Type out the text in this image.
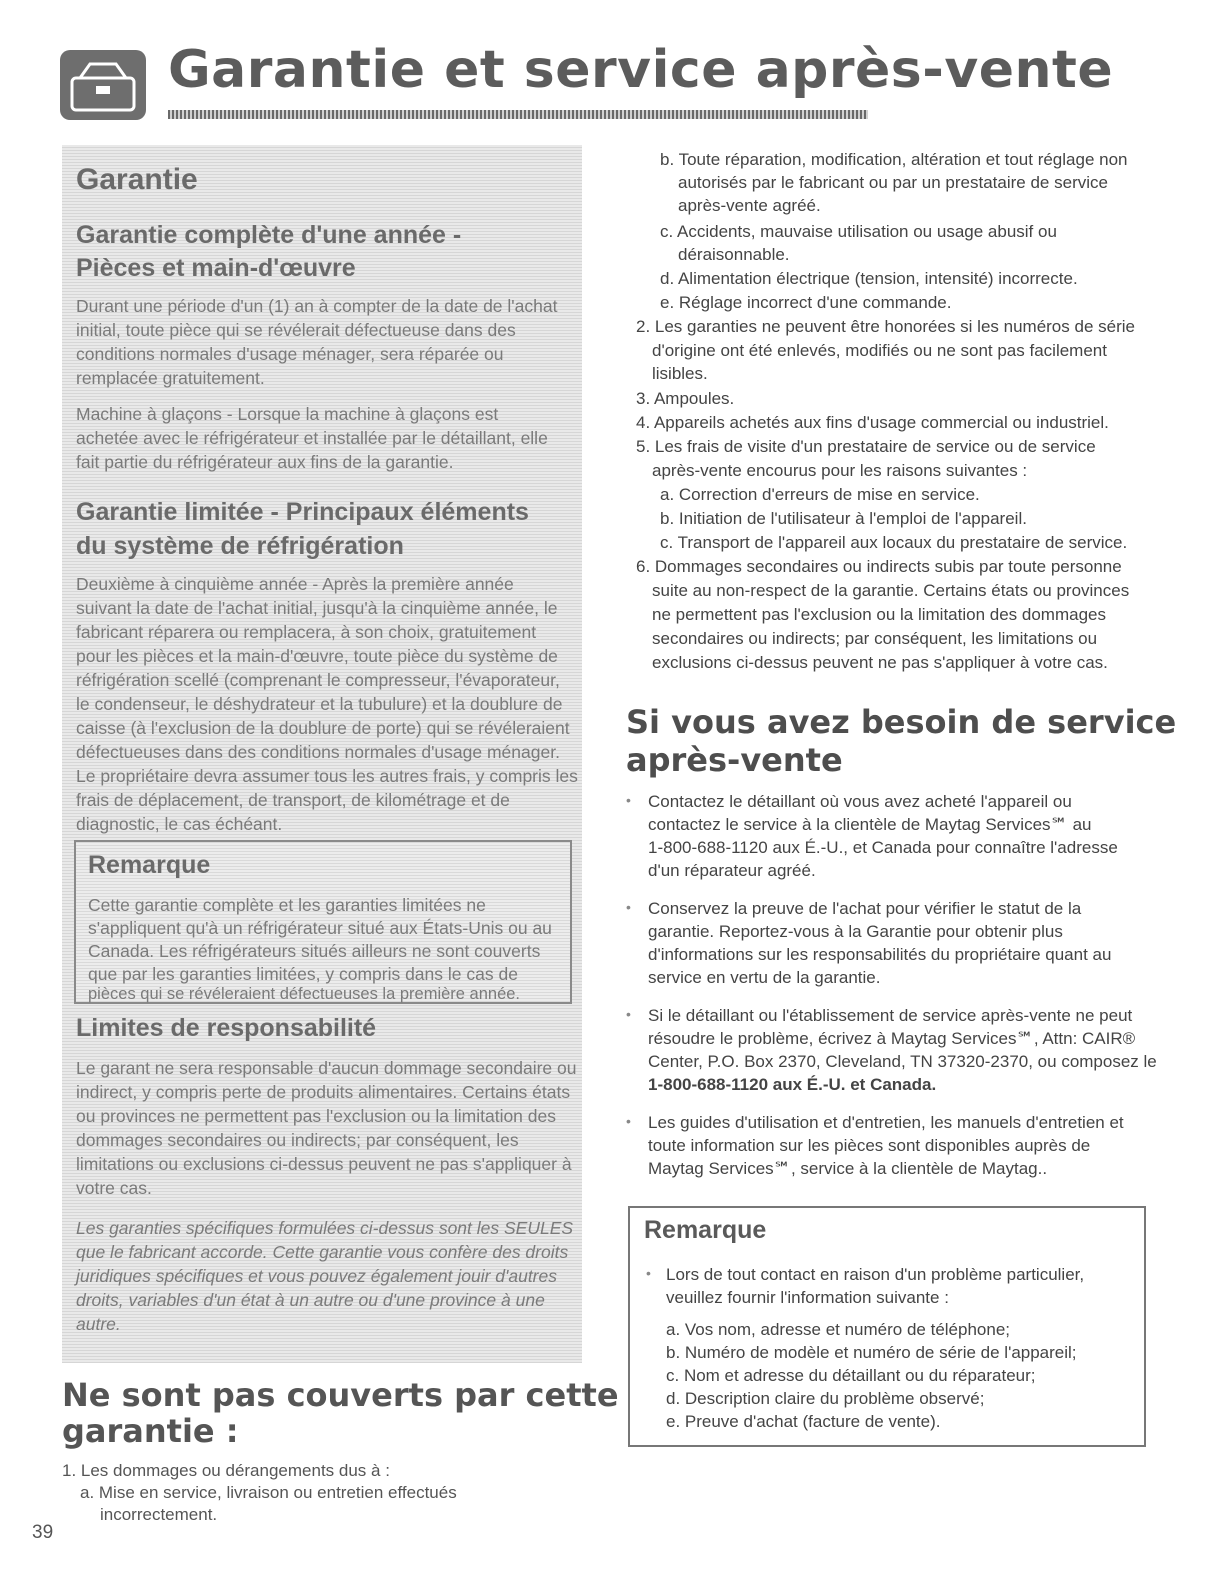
Garantie et service après-vente
Garantie
Garantie complète d'une année -
Pièces et main-d'œuvre

Durant une période d'un (1) an à compter de la date de l'achat

initial, toute pièce qui se révélerait défectueuse dans des

conditions normales d'usage ménager, sera réparée ou

remplacée gratuitement.

Machine à glaçons - Lorsque la machine à glaçons est

achetée avec le réfrigérateur et installée par le détaillant, elle

fait partie du réfrigérateur aux fins de la garantie.

Garantie limitée - Principaux éléments
du système de réfrigération

Deuxième à cinquième année - Après la première année

suivant la date de l'achat initial, jusqu'à la cinquième année, le

fabricant réparera ou remplacera, à son choix, gratuitement

pour les pièces et la main-d'œuvre, toute pièce du système de

réfrigération scellé (comprenant le compresseur, l'évaporateur,

le condenseur, le déshydrateur et la tubulure) et la doublure de

caisse (à l'exclusion de la doublure de porte) qui se révéleraient

défectueuses dans des conditions normales d'usage ménager.

Le propriétaire devra assumer tous les autres frais, y compris les

frais de déplacement, de transport, de kilométrage et de

diagnostic, le cas échéant.

Remarque

Cette garantie complète et les garanties limitées ne

s'appliquent qu'à un réfrigérateur situé aux États-Unis ou au

Canada. Les réfrigérateurs situés ailleurs ne sont couverts

que par les garanties limitées, y compris dans le cas de

pièces qui se révéleraient défectueuses la première année.

Limites de responsabilité

Le garant ne sera responsable d'aucun dommage secondaire ou

indirect, y compris perte de produits alimentaires. Certains états

ou provinces ne permettent pas l'exclusion ou la limitation des

dommages secondaires ou indirects; par conséquent, les

limitations ou exclusions ci-dessus peuvent ne pas s'appliquer à

votre cas.

Les garanties spécifiques formulées ci-dessus sont les SEULES

que le fabricant accorde. Cette garantie vous confère des droits

juridiques spécifiques et vous pouvez également jouir d'autres

droits, variables d'un état à un autre ou d'une province à une

autre.

Ne sont pas couverts par cette
garantie :

1. Les dommages ou dérangements dus à :

a. Mise en service, livraison ou entretien effectués

incorrectement.

39

b. Toute réparation, modification, altération et tout réglage non

autorisés par le fabricant ou par un prestataire de service

après-vente agréé.

c. Accidents, mauvaise utilisation ou usage abusif ou

déraisonnable.

d. Alimentation électrique (tension, intensité) incorrecte.

e. Réglage incorrect d'une commande.

2. Les garanties ne peuvent être honorées si les numéros de série

d'origine ont été enlevés, modifiés ou ne sont pas facilement

lisibles.

3. Ampoules.

4. Appareils achetés aux fins d'usage commercial ou industriel.

5. Les frais de visite d'un prestataire de service ou de service

après-vente encourus pour les raisons suivantes :

a. Correction d'erreurs de mise en service.

b. Initiation de l'utilisateur à l'emploi de l'appareil.

c. Transport de l'appareil aux locaux du prestataire de service.

6. Dommages secondaires ou indirects subis par toute personne

suite au non-respect de la garantie. Certains états ou provinces

ne permettent pas l'exclusion ou la limitation des dommages

secondaires ou indirects; par conséquent, les limitations ou

exclusions ci-dessus peuvent ne pas s'appliquer à votre cas.

Si vous avez besoin de service
après-vente
• Contactez le détaillant où vous avez acheté l'appareil ou

contactez le service à la clientèle de Maytag Services℠ au

1-800-688-1120 aux É.-U., et Canada pour connaître l'adresse

d'un réparateur agréé.

• Conservez la preuve de l'achat pour vérifier le statut de la

garantie. Reportez-vous à la Garantie pour obtenir plus

d'informations sur les responsabilités du propriétaire quant au

service en vertu de la garantie.

• Si le détaillant ou l'établissement de service après-vente ne peut

résoudre le problème, écrivez à Maytag Services℠, Attn: CAIR®

Center, P.O. Box 2370, Cleveland, TN 37320-2370, ou composez le

1-800-688-1120 aux É.-U. et Canada.

• Les guides d'utilisation et d'entretien, les manuels d'entretien et

toute information sur les pièces sont disponibles auprès de

Maytag Services℠, service à la clientèle de Maytag..

Remarque
• Lors de tout contact en raison d'un problème particulier,

veuillez fournir l'information suivante :

a. Vos nom, adresse et numéro de téléphone;

b. Numéro de modèle et numéro de série de l'appareil;

c. Nom et adresse du détaillant ou du réparateur;

d. Description claire du problème observé;

e. Preuve d'achat (facture de vente).
